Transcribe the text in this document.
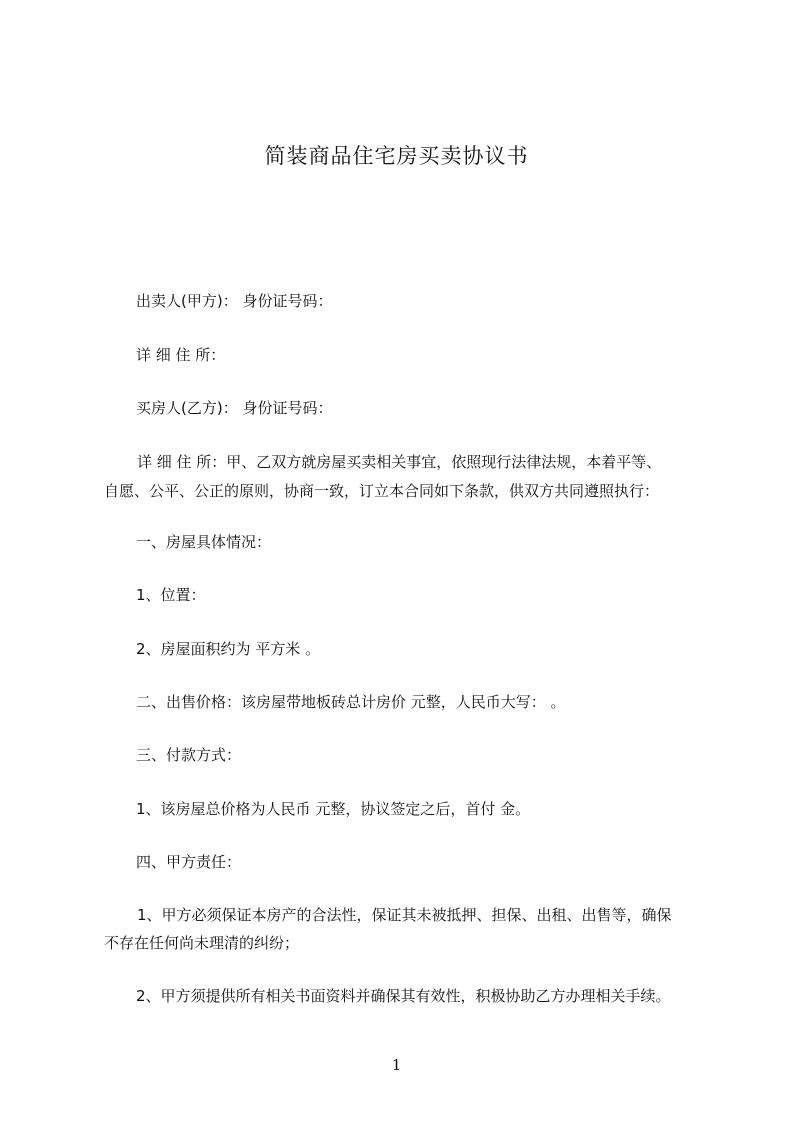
简装商品住宅房买卖协议书

出卖人(甲方)： 身份证号码：

详 细 住 所：

买房人(乙方)： 身份证号码：

详 细 住 所：甲、乙双方就房屋买卖相关事宜，依照现行法律法规，本着平等、

自愿、公平、公正的原则，协商一致，订立本合同如下条款，供双方共同遵照执行：

一、房屋具体情况：

1、位置：

2、房屋面积约为 平方米 。

二、出售价格：该房屋带地板砖总计房价 元整，人民币大写： 。

三、付款方式：

1、该房屋总价格为人民币 元整，协议签定之后，首付 金。

四、甲方责任：

1、甲方必须保证本房产的合法性，保证其未被抵押、担保、出租、出售等，确保

不存在任何尚未理清的纠纷；

2、甲方须提供所有相关书面资料并确保其有效性，积极协助乙方办理相关手续。

1
